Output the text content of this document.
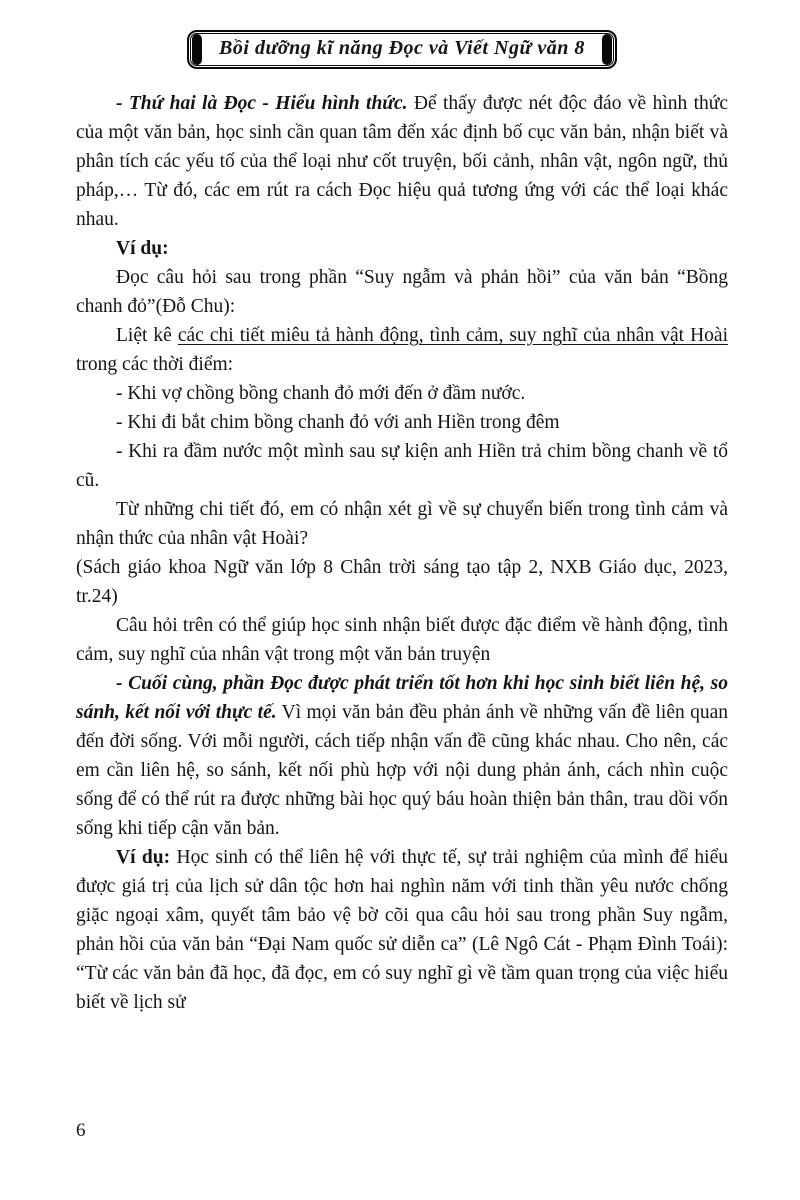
Bồi dưỡng kĩ năng Đọc và Viết Ngữ văn 8

- Thứ hai là Đọc - Hiểu hình thức. Để thấy được nét độc đáo về hình thức của một văn bản, học sinh cần quan tâm đến xác định bố cục văn bản, nhận biết và phân tích các yếu tố của thể loại như cốt truyện, bối cảnh, nhân vật, ngôn ngữ, thủ pháp,… Từ đó, các em rút ra cách Đọc hiệu quả tương ứng với các thể loại khác nhau.

Ví dụ:

Đọc câu hỏi sau trong phần “Suy ngẫm và phản hồi” của văn bản “Bồng chanh đỏ”(Đỗ Chu):

Liệt kê các chi tiết miêu tả hành động, tình cảm, suy nghĩ của nhân vật Hoài trong các thời điểm:

- Khi vợ chồng bồng chanh đỏ mới đến ở đầm nước.

- Khi đi bắt chim bồng chanh đỏ với anh Hiền trong đêm

- Khi ra đầm nước một mình sau sự kiện anh Hiền trả chim bồng chanh về tổ cũ.

Từ những chi tiết đó, em có nhận xét gì về sự chuyển biến trong tình cảm và nhận thức của nhân vật Hoài?

(Sách giáo khoa Ngữ văn lớp 8 Chân trời sáng tạo tập 2, NXB Giáo dục, 2023, tr.24)

Câu hỏi trên có thể giúp học sinh nhận biết được đặc điểm về hành động, tình cảm, suy nghĩ của nhân vật trong một văn bản truyện

- Cuối cùng, phần Đọc được phát triển tốt hơn khi học sinh biết liên hệ, so sánh, kết nối với thực tế. Vì mọi văn bản đều phản ánh về những vấn đề liên quan đến đời sống. Với mỗi người, cách tiếp nhận vấn đề cũng khác nhau. Cho nên, các em cần liên hệ, so sánh, kết nối phù hợp với nội dung phản ánh, cách nhìn cuộc sống để có thể rút ra được những bài học quý báu hoàn thiện bản thân, trau dồi vốn sống khi tiếp cận văn bản.

Ví dụ: Học sinh có thể liên hệ với thực tế, sự trải nghiệm của mình để hiểu được giá trị của lịch sử dân tộc hơn hai nghìn năm với tinh thần yêu nước chống giặc ngoại xâm, quyết tâm bảo vệ bờ cõi qua câu hỏi sau trong phần Suy ngẫm, phản hồi của văn bản “Đại Nam quốc sử diễn ca” (Lê Ngô Cát - Phạm Đình Toái): “Từ các văn bản đã học, đã đọc, em có suy nghĩ gì về tầm quan trọng của việc hiểu biết về lịch sử

6
